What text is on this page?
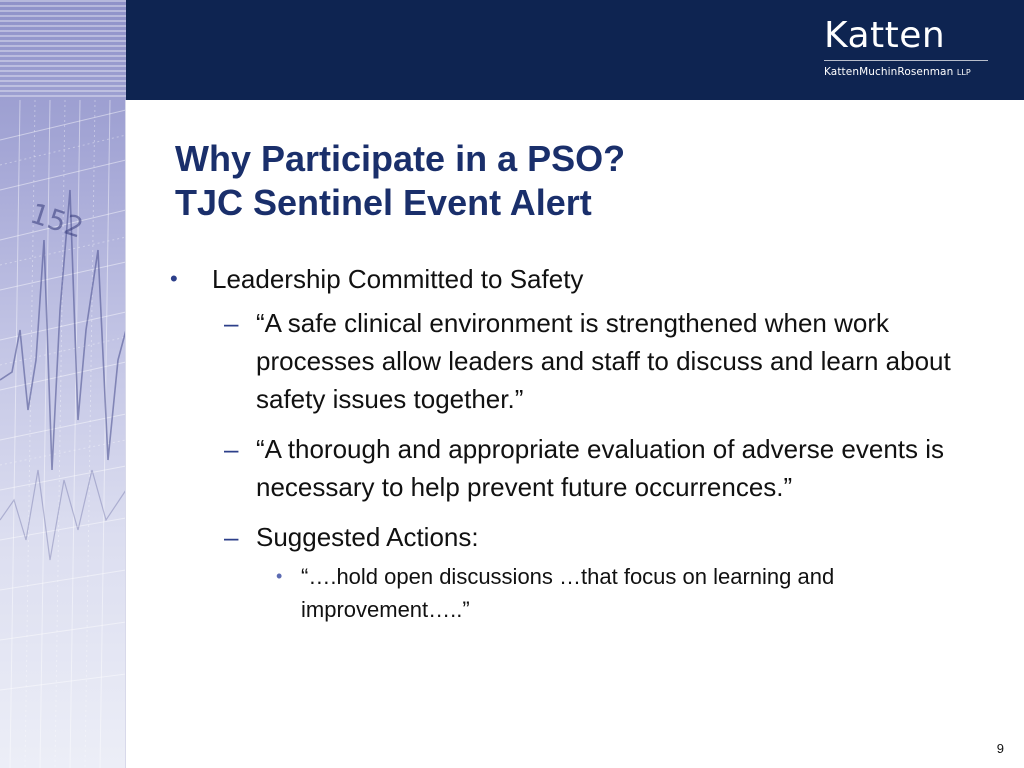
152
Katten
KattenMuchinRosenman LLP
Why Participate in a PSO?
TJC Sentinel Event Alert
• Leadership Committed to Safety
– “A safe clinical environment is strengthened when work processes allow leaders and staff to discuss and learn about safety issues together.”
– “A thorough and appropriate evaluation of adverse events is necessary to help prevent future occurrences.”
– Suggested Actions:
• “….hold open discussions …that focus on learning and improvement…..”
9
